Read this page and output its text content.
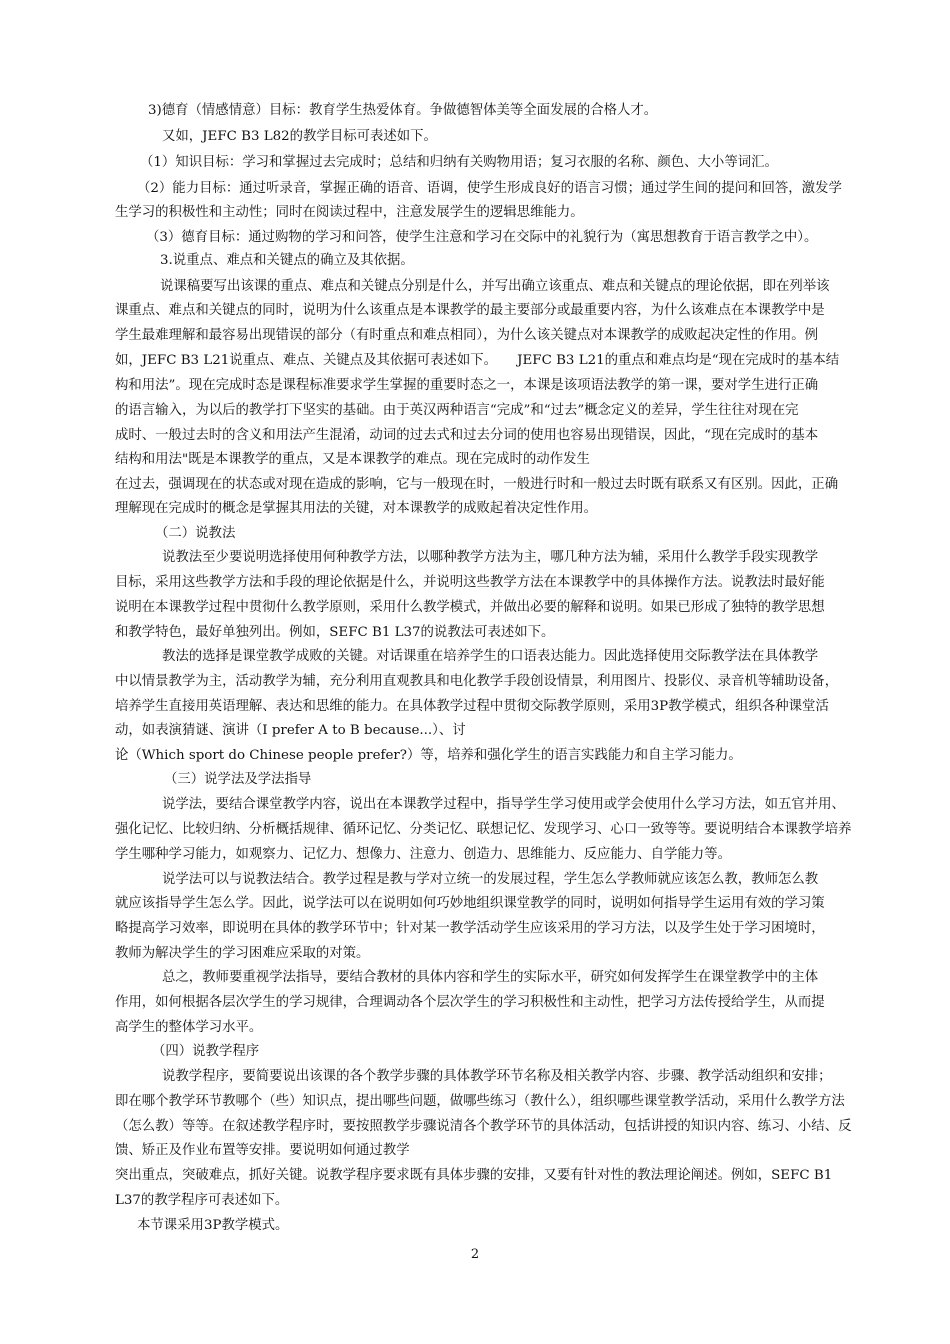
3)德育（情感情意）目标：教育学生热爱体育。争做德智体美等全面发展的合格人才。
又如，JEFC B3 L82的教学目标可表述如下。
（1）知识目标：学习和掌握过去完成时；总结和归纳有关购物用语；复习衣服的名称、颜色、大小等词汇。
（2）能力目标：通过听录音，掌握正确的语音、语调，使学生形成良好的语言习惯；通过学生间的提问和回答，激发学
生学习的积极性和主动性；同时在阅读过程中，注意发展学生的逻辑思维能力。
（3）德育目标：通过购物的学习和问答，使学生注意和学习在交际中的礼貌行为（寓思想教育于语言教学之中）。
3.说重点、难点和关键点的确立及其依据。
说课稿要写出该课的重点、难点和关键点分别是什么，并写出确立该重点、难点和关键点的理论依据，即在列举该
课重点、难点和关键点的同时，说明为什么该重点是本课教学的最主要部分或最重要内容，为什么该难点在本课教学中是
学生最难理解和最容易出现错误的部分（有时重点和难点相同），为什么该关键点对本课教学的成败起决定性的作用。例
如，JEFC B3 L21说重点、难点、关键点及其依据可表述如下。　　JEFC B3 L21的重点和难点均是“现在完成时的基本结
构和用法”。现在完成时态是课程标准要求学生掌握的重要时态之一，本课是该项语法教学的第一课，要对学生进行正确
的语言输入，为以后的教学打下坚实的基础。由于英汉两种语言“完成”和“过去”概念定义的差异，学生往往对现在完
成时、一般过去时的含义和用法产生混淆，动词的过去式和过去分词的使用也容易出现错误，因此，“现在完成时的基本
结构和用法"既是本课教学的重点，又是本课教学的难点。现在完成时的动作发生
在过去，强调现在的状态或对现在造成的影响，它与一般现在时，一般进行时和一般过去时既有联系又有区别。因此，正确
理解现在完成时的概念是掌握其用法的关键，对本课教学的成败起着决定性作用。
（二）说教法
说教法至少要说明选择使用何种教学方法，以哪种教学方法为主，哪几种方法为辅，采用什么教学手段实现教学
目标，采用这些教学方法和手段的理论依据是什么，并说明这些教学方法在本课教学中的具体操作方法。说教法时最好能
说明在本课教学过程中贯彻什么教学原则，采用什么教学模式，并做出必要的解释和说明。如果已形成了独特的教学思想
和教学特色，最好单独列出。例如，SEFC B1 L37的说教法可表述如下。
教法的选择是课堂教学成败的关键。对话课重在培养学生的口语表达能力。因此选择使用交际教学法在具体教学
中以情景教学为主，活动教学为辅，充分利用直观教具和电化教学手段创设情景，利用图片、投影仪、录音机等辅助设备，
培养学生直接用英语理解、表达和思维的能力。在具体教学过程中贯彻交际教学原则，采用3P教学模式，组织各种课堂活
动，如表演猜谜、演讲（I prefer A to B because...）、讨
论（Which sport do Chinese people prefer?）等，培养和强化学生的语言实践能力和自主学习能力。
（三）说学法及学法指导
说学法，要结合课堂教学内容，说出在本课教学过程中，指导学生学习使用或学会使用什么学习方法，如五官并用、
强化记忆、比较归纳、分析概括规律、循环记忆、分类记忆、联想记忆、发现学习、心口一致等等。要说明结合本课教学培养
学生哪种学习能力，如观察力、记忆力、想像力、注意力、创造力、思维能力、反应能力、自学能力等。
说学法可以与说教法结合。教学过程是教与学对立统一的发展过程，学生怎么学教师就应该怎么教，教师怎么教
就应该指导学生怎么学。因此，说学法可以在说明如何巧妙地组织课堂教学的同时，说明如何指导学生运用有效的学习策
略提高学习效率，即说明在具体的教学环节中；针对某一教学活动学生应该采用的学习方法，以及学生处于学习困境时，
教师为解决学生的学习困难应采取的对策。
总之，教师要重视学法指导，要结合教材的具体内容和学生的实际水平，研究如何发挥学生在课堂教学中的主体
作用，如何根据各层次学生的学习规律，合理调动各个层次学生的学习积极性和主动性，把学习方法传授给学生，从而提
高学生的整体学习水平。
（四）说教学程序
说教学程序，要简要说出该课的各个教学步骤的具体教学环节名称及相关教学内容、步骤、教学活动组织和安排；
即在哪个教学环节教哪个（些）知识点，提出哪些问题，做哪些练习（教什么），组织哪些课堂教学活动，采用什么教学方法
（怎么教）等等。在叙述教学程序时，要按照教学步骤说清各个教学环节的具体活动，包括讲授的知识内容、练习、小结、反
馈、矫正及作业布置等安排。要说明如何通过教学
突出重点，突破难点，抓好关键。说教学程序要求既有具体步骤的安排，又要有针对性的教法理论阐述。例如，SEFC B1
L37的教学程序可表述如下。
本节课采用3P教学模式。
2
